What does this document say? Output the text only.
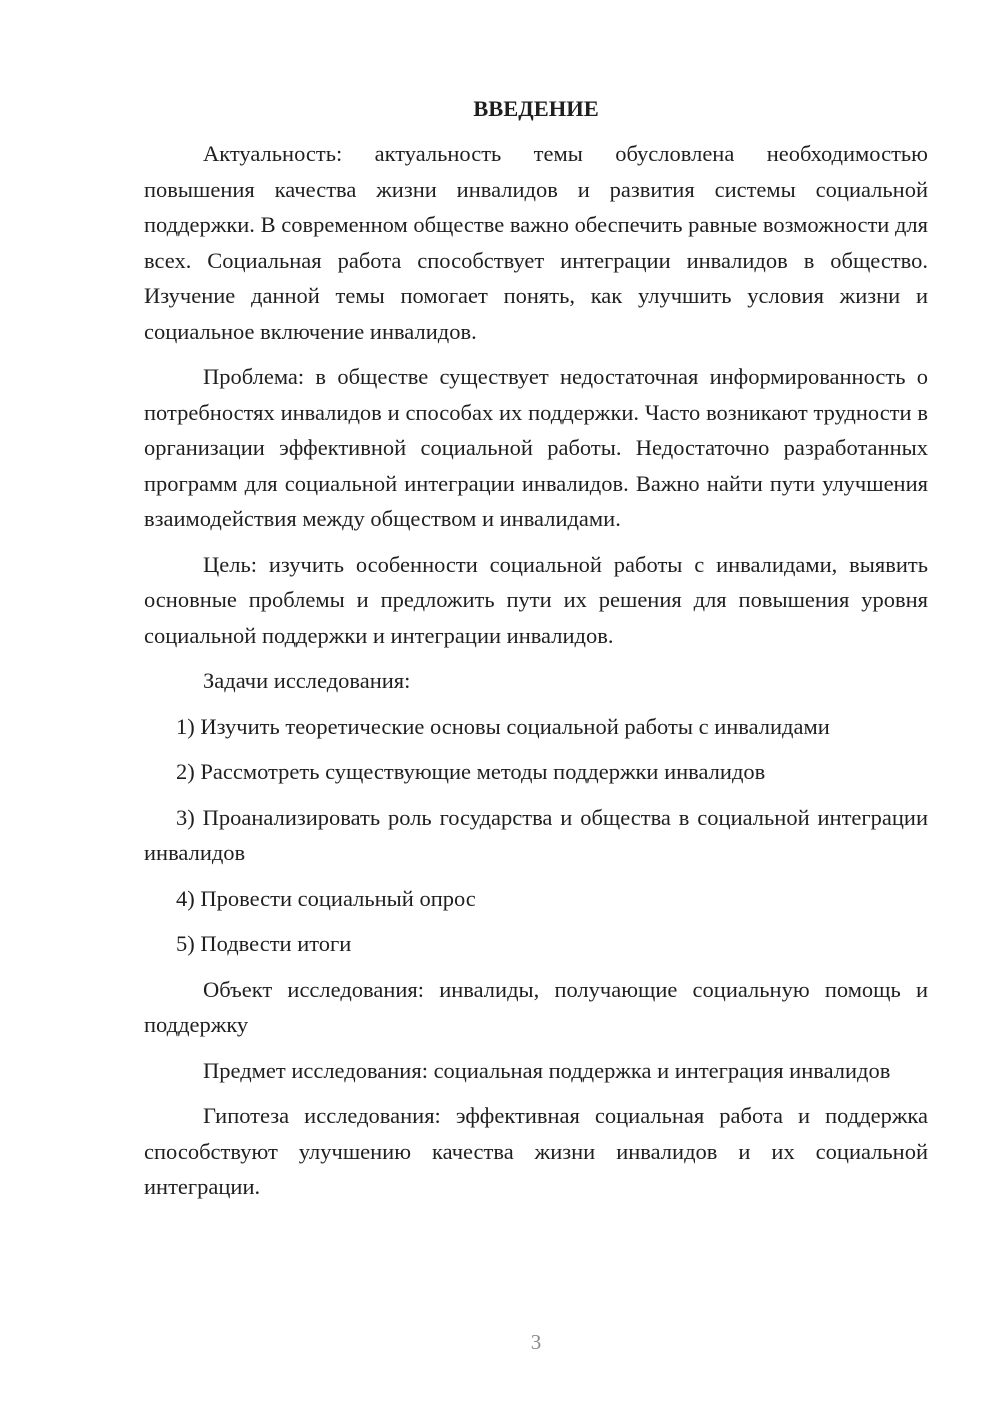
ВВЕДЕНИЕ

Актуальность: актуальность темы обусловлена необходимостью повышения качества жизни инвалидов и развития системы социальной поддержки. В современном обществе важно обеспечить равные возможности для всех. Социальная работа способствует интеграции инвалидов в общество. Изучение данной темы помогает понять, как улучшить условия жизни и социальное включение инвалидов.

Проблема: в обществе существует недостаточная информированность о потребностях инвалидов и способах их поддержки. Часто возникают трудности в организации эффективной социальной работы. Недостаточно разработанных программ для социальной интеграции инвалидов. Важно найти пути улучшения взаимодействия между обществом и инвалидами.

Цель: изучить особенности социальной работы с инвалидами, выявить основные проблемы и предложить пути их решения для повышения уровня социальной поддержки и интеграции инвалидов.

Задачи исследования:

1) Изучить теоретические основы социальной работы с инвалидами

2) Рассмотреть существующие методы поддержки инвалидов

3) Проанализировать роль государства и общества в социальной интеграции инвалидов

4) Провести социальный опрос

5) Подвести итоги

Объект исследования: инвалиды, получающие социальную помощь и поддержку

Предмет исследования: социальная поддержка и интеграция инвалидов

Гипотеза исследования: эффективная социальная работа и поддержка способствуют улучшению качества жизни инвалидов и их социальной интеграции.

3
